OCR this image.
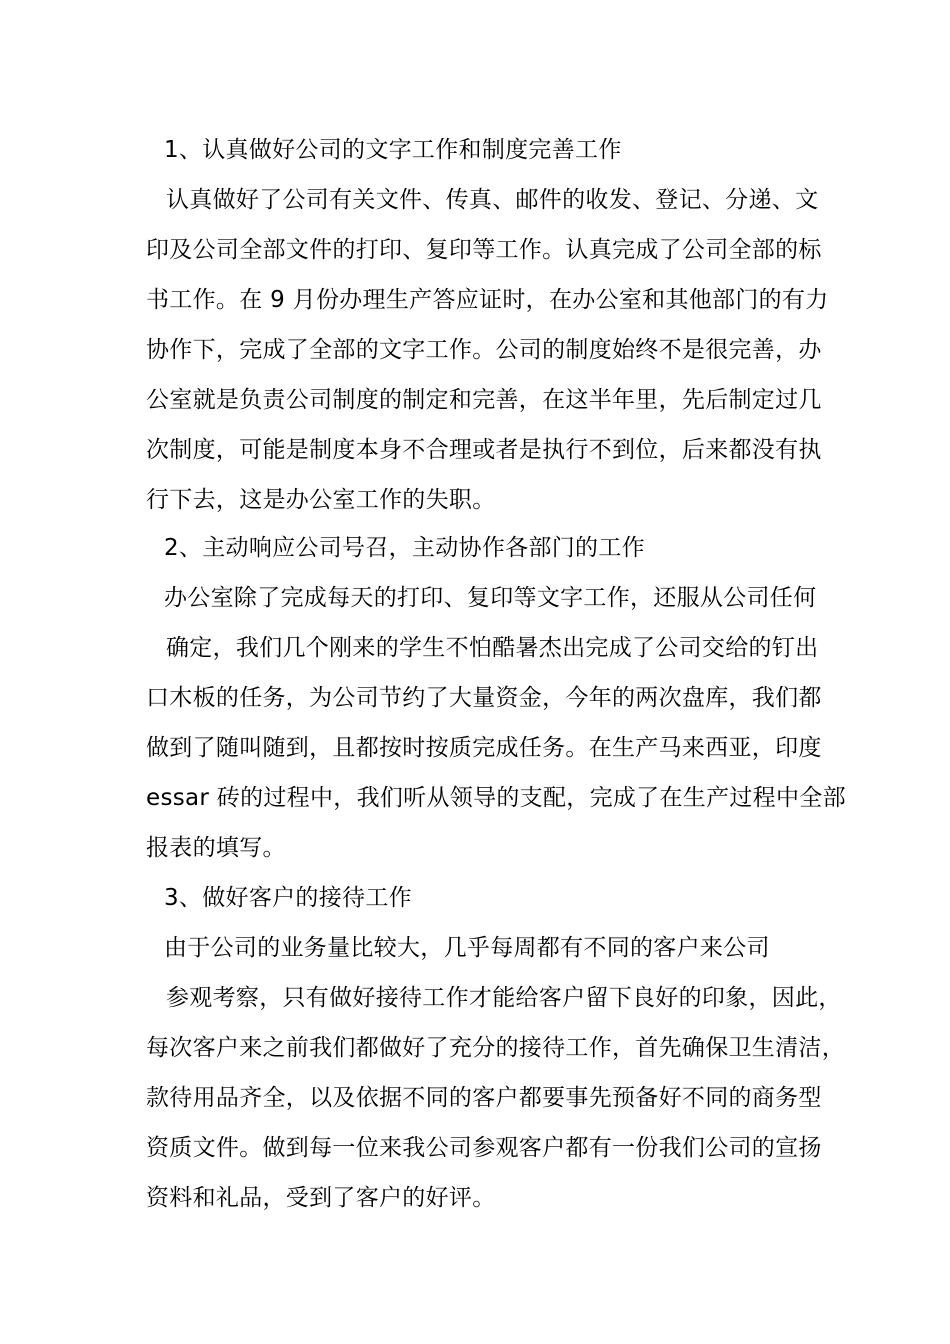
1、认真做好公司的文字工作和制度完善工作
认真做好了公司有关文件、传真、邮件的收发、登记、分递、文
印及公司全部文件的打印、复印等工作。认真完成了公司全部的标
书工作。在 9 月份办理生产答应证时，在办公室和其他部门的有力
协作下，完成了全部的文字工作。公司的制度始终不是很完善，办
公室就是负责公司制度的制定和完善，在这半年里，先后制定过几
次制度，可能是制度本身不合理或者是执行不到位，后来都没有执
行下去，这是办公室工作的失职。
2、主动响应公司号召，主动协作各部门的工作
办公室除了完成每天的打印、复印等文字工作，还服从公司任何
确定，我们几个刚来的学生不怕酷暑杰出完成了公司交给的钉出
口木板的任务，为公司节约了大量资金，今年的两次盘库，我们都
做到了随叫随到，且都按时按质完成任务。在生产马来西亚，印度
essar 砖的过程中，我们听从领导的支配，完成了在生产过程中全部
报表的填写。
3、做好客户的接待工作
由于公司的业务量比较大，几乎每周都有不同的客户来公司
参观考察，只有做好接待工作才能给客户留下良好的印象，因此，
每次客户来之前我们都做好了充分的接待工作，首先确保卫生清洁，
款待用品齐全，以及依据不同的客户都要事先预备好不同的商务型
资质文件。做到每一位来我公司参观客户都有一份我们公司的宣扬
资料和礼品，受到了客户的好评。
